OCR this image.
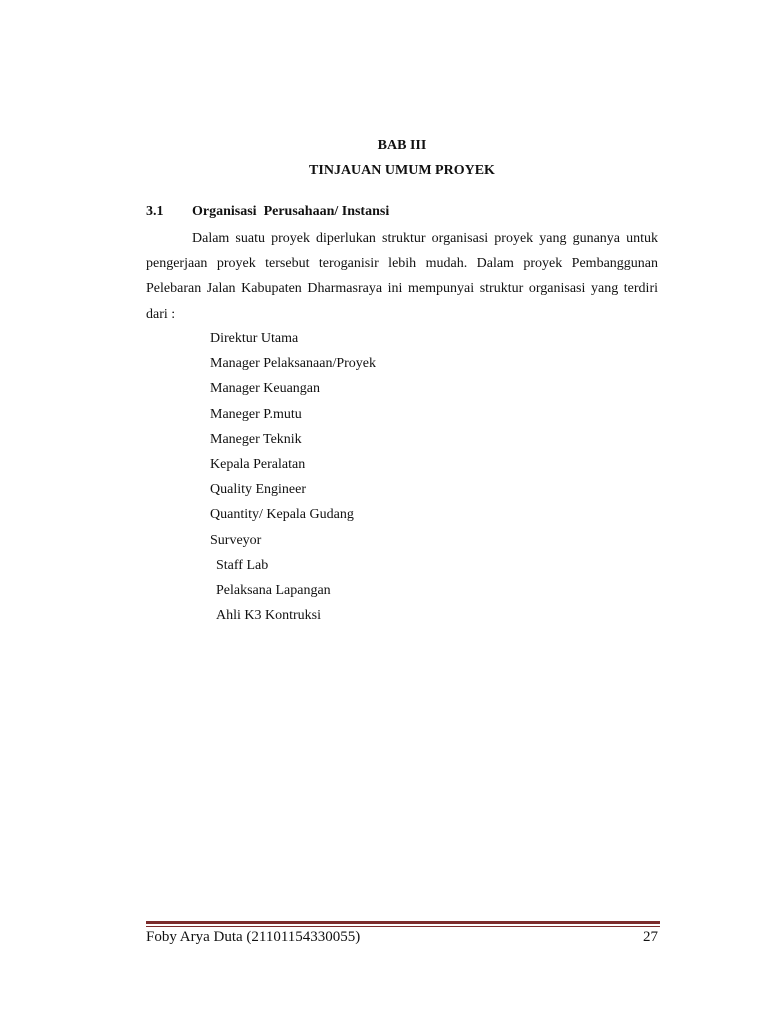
BAB III
TINJAUAN UMUM PROYEK
3.1 Organisasi  Perusahaan/ Instansi

Dalam suatu proyek diperlukan struktur organisasi proyek yang gunanya untuk pengerjaan proyek tersebut teroganisir lebih mudah. Dalam proyek Pembanggunan Pelebaran Jalan Kabupaten Dharmasraya ini mempunyai struktur organisasi yang terdiri dari :

Direktur Utama
Manager Pelaksanaan/Proyek
Manager Keuangan
Maneger P.mutu
Maneger Teknik
Kepala Peralatan
Quality Engineer
Quantity/ Kepala Gudang
Surveyor
Staff Lab
Pelaksana Lapangan
Ahli K3 Kontruksi
Foby Arya Duta (21101154330055)	27
